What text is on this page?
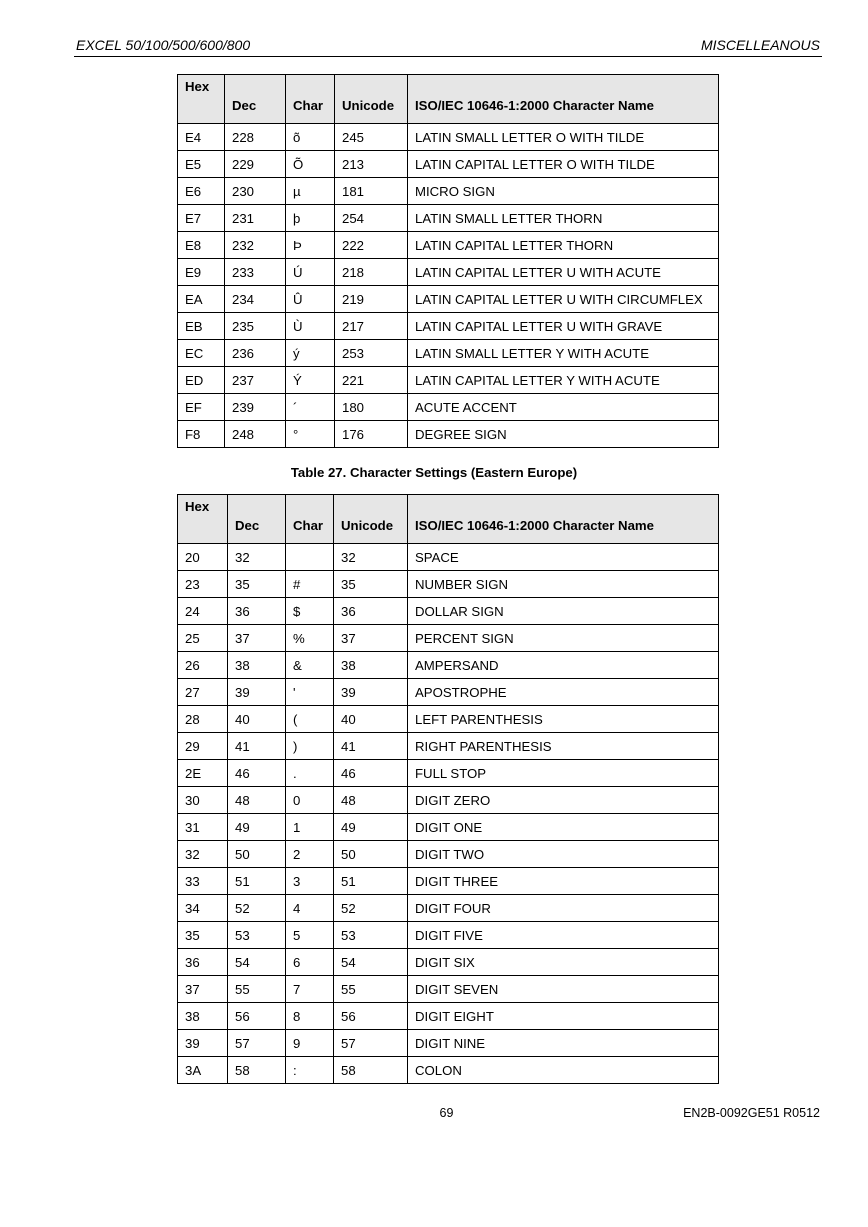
EXCEL 50/100/500/600/800	MISCELLEANOUS
Hex	Dec	Char	Unicode	ISO/IEC 10646-1:2000 Character Name
E4	228	õ	245	LATIN SMALL LETTER O WITH TILDE
E5	229	Õ	213	LATIN CAPITAL LETTER O WITH TILDE
E6	230	µ	181	MICRO SIGN
E7	231	þ	254	LATIN SMALL LETTER THORN
E8	232	Þ	222	LATIN CAPITAL LETTER THORN
E9	233	Ú	218	LATIN CAPITAL LETTER U WITH ACUTE
EA	234	Û	219	LATIN CAPITAL LETTER U WITH CIRCUMFLEX
EB	235	Ù	217	LATIN CAPITAL LETTER U WITH GRAVE
EC	236	ý	253	LATIN SMALL LETTER Y WITH ACUTE
ED	237	Ý	221	LATIN CAPITAL LETTER Y WITH ACUTE
EF	239	´	180	ACUTE ACCENT
F8	248	°	176	DEGREE SIGN
Table 27. Character Settings (Eastern Europe)
Hex	Dec	Char	Unicode	ISO/IEC 10646-1:2000 Character Name
20	32		32	SPACE
23	35	#	35	NUMBER SIGN
24	36	$	36	DOLLAR SIGN
25	37	%	37	PERCENT SIGN
26	38	&	38	AMPERSAND
27	39	'	39	APOSTROPHE
28	40	(	40	LEFT PARENTHESIS
29	41	)	41	RIGHT PARENTHESIS
2E	46	.	46	FULL STOP
30	48	0	48	DIGIT ZERO
31	49	1	49	DIGIT ONE
32	50	2	50	DIGIT TWO
33	51	3	51	DIGIT THREE
34	52	4	52	DIGIT FOUR
35	53	5	53	DIGIT FIVE
36	54	6	54	DIGIT SIX
37	55	7	55	DIGIT SEVEN
38	56	8	56	DIGIT EIGHT
39	57	9	57	DIGIT NINE
3A	58	:	58	COLON
69	EN2B-0092GE51 R0512
